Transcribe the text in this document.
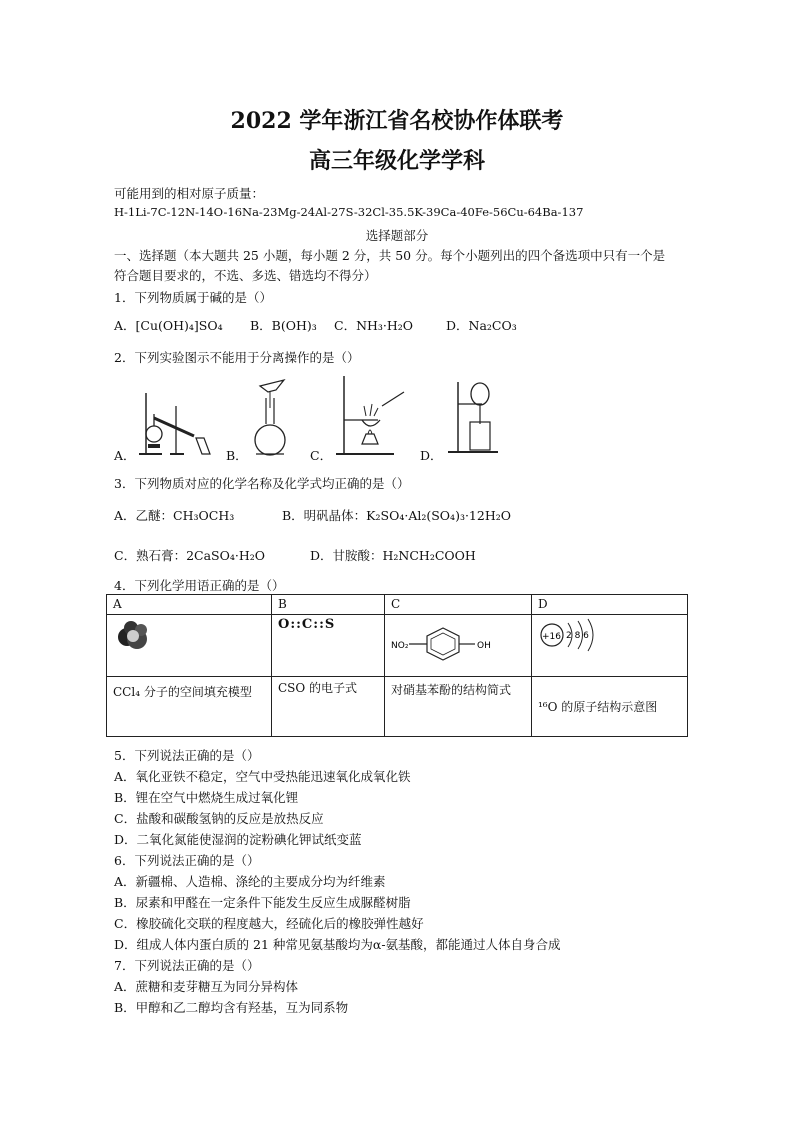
2022 学年浙江省名校协作体联考
高三年级化学学科
可能用到的相对原子质量：
H-1Li-7C-12N-14O-16Na-23Mg-24Al-27S-32Cl-35.5K-39Ca-40Fe-56Cu-64Ba-137
选择题部分
一、选择题（本大题共 25 小题，每小题 2 分，共 50 分。每个小题列出的四个备选项中只有一个是
符合题目要求的，不选、多选、错选均不得分）
1．下列物质属于碱的是（）
A．[Cu(OH)₄]SO₄ B．B(OH)₃ C．NH₃·H₂O	D．Na₂CO₃
2．下列实验图示不能用于分离操作的是（）
A．	B．	C．	D．
3．下列物质对应的化学名称及化学式均正确的是（）
A．乙醚：CH₃OCH₃	B．明矾晶体：K₂SO₄·Al₂(SO₄)₃·12H₂O
C．熟石膏：2CaSO₄·H₂O	D．甘胺酸：H₂NCH₂COOH
4．下列化学用语正确的是（）
A	B	C	D
	O::C::S	NO₂ OH	+16 2 8 6

CCl₄ 分子的空间填充模型	CSO 的电子式	对硝基苯酚的结构简式	¹⁶O 的原子结构示意图
5．下列说法正确的是（）
A．氧化亚铁不稳定，空气中受热能迅速氧化成氧化铁
B．锂在空气中燃烧生成过氧化锂
C．盐酸和碳酸氢钠的反应是放热反应
D．二氧化氮能使湿润的淀粉碘化钾试纸变蓝
6．下列说法正确的是（）
A．新疆棉、人造棉、涤纶的主要成分均为纤维素
B．尿素和甲醛在一定条件下能发生反应生成脲醛树脂
C．橡胶硫化交联的程度越大，经硫化后的橡胶弹性越好
D．组成人体内蛋白质的 21 种常见氨基酸均为α-氨基酸，都能通过人体自身合成
7．下列说法正确的是（）
A．蔗糖和麦芽糖互为同分异构体
B．甲醇和乙二醇均含有羟基，互为同系物
